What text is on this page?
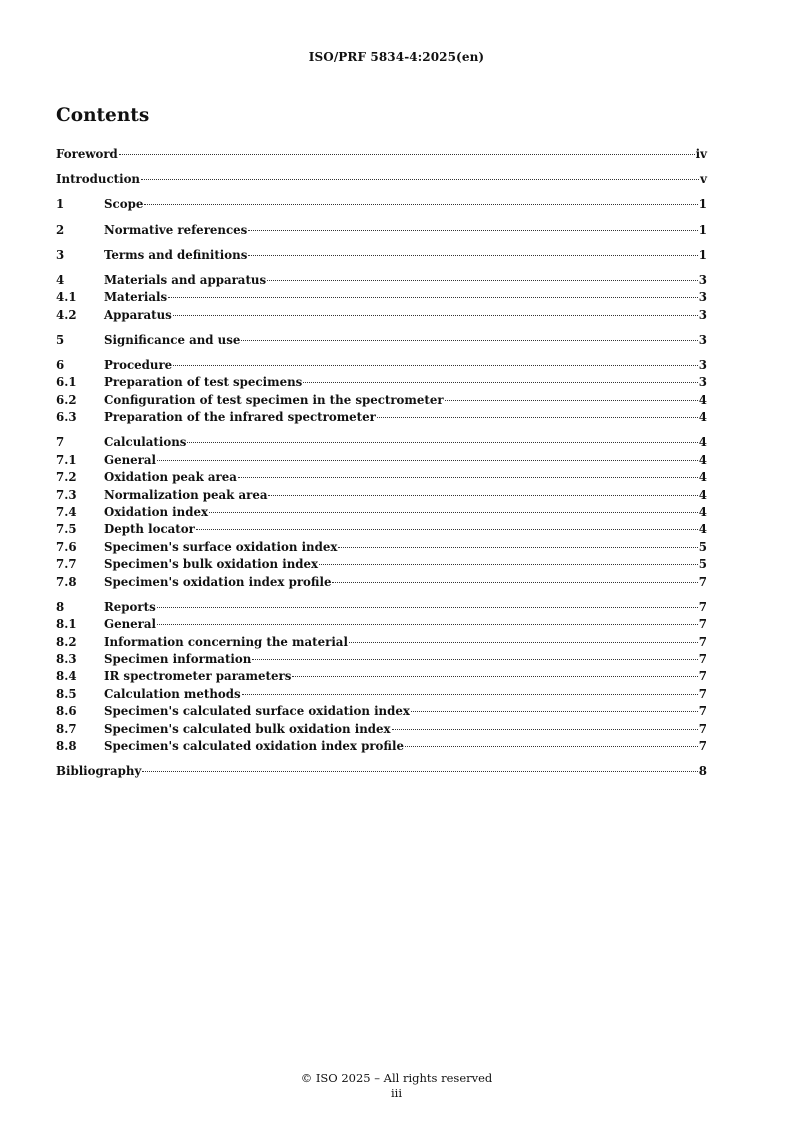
ISO/PRF 5834-4:2025(en)
Contents
Foreword	iv
Introduction	v
1	Scope	1
2	Normative references	1
3	Terms and definitions	1
4	Materials and apparatus	3
4.1	Materials	3
4.2	Apparatus	3
5	Significance and use	3
6	Procedure	3
6.1	Preparation of test specimens	3
6.2	Configuration of test specimen in the spectrometer	4
6.3	Preparation of the infrared spectrometer	4
7	Calculations	4
7.1	General	4
7.2	Oxidation peak area	4
7.3	Normalization peak area	4
7.4	Oxidation index	4
7.5	Depth locator	4
7.6	Specimen's surface oxidation index	5
7.7	Specimen's bulk oxidation index	5
7.8	Specimen's oxidation index profile	7
8	Reports	7
8.1	General	7
8.2	Information concerning the material	7
8.3	Specimen information	7
8.4	IR spectrometer parameters	7
8.5	Calculation methods	7
8.6	Specimen's calculated surface oxidation index	7
8.7	Specimen's calculated bulk oxidation index	7
8.8	Specimen's calculated oxidation index profile	7
Bibliography	8
© ISO 2025 – All rights reserved
iii
